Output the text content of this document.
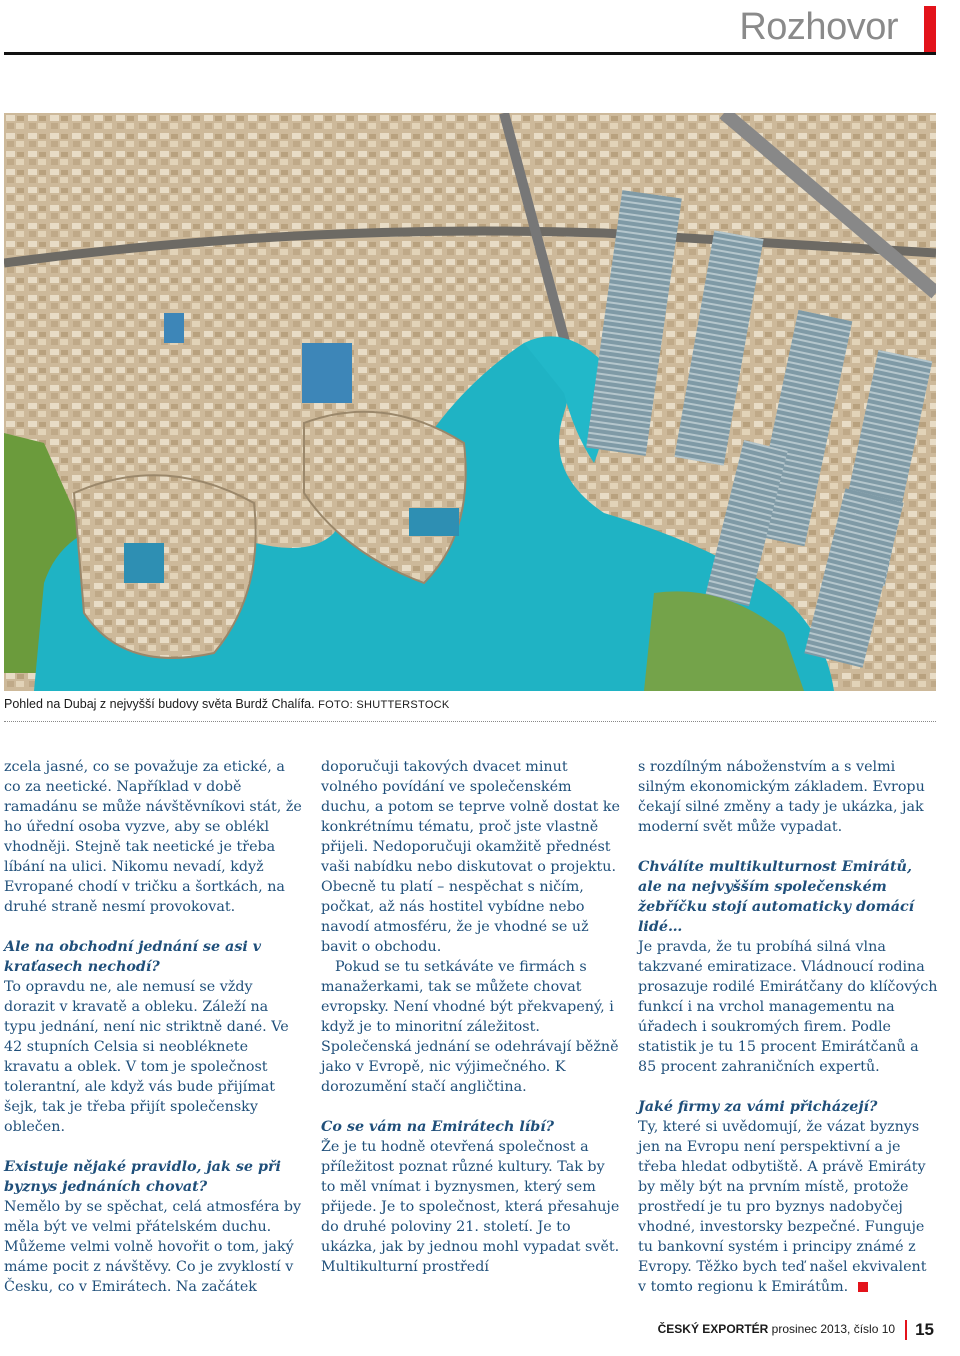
Rozhovor
Pohled na Dubaj z nejvyšší budovy světa Burdž Chalífa. FOTO: SHUTTERSTOCK

zcela jasné, co se považuje za etické, a co za neetické. Například v době ramadánu se může návštěvníkovi stát, že ho úřední osoba vyzve, aby se oblékl vhodněji. Stejně tak neetické je třeba líbání na ulici. Nikomu nevadí, když Evropané chodí v tričku a šortkách, na druhé straně nesmí provokovat.

Ale na obchodní jednání se asi v kraťasech nechodí?

To opravdu ne, ale nemusí se vždy dorazit v kravatě a obleku. Záleží na typu jednání, není nic striktně dané. Ve 42 stupních Celsia si neobléknete kravatu a oblek. V tom je společnost tolerantní, ale když vás bude přijímat šejk, tak je třeba přijít společensky oblečen.

Existuje nějaké pravidlo, jak se při byznys jednáních chovat?

Nemělo by se spěchat, celá atmosféra by měla být ve velmi přátelském duchu. Můžeme velmi volně hovořit o tom, jaký máme pocit z návštěvy. Co je zvyklostí v Česku, co v Emirátech. Na začátek

doporučuji takových dvacet minut volného povídání ve společenském duchu, a potom se teprve volně dostat ke konkrétnímu tématu, proč jste vlastně přijeli. Nedoporučuji okamžitě přednést vaši nabídku nebo diskutovat o projektu. Obecně tu platí – nespěchat s ničím, počkat, až nás hostitel vybídne nebo navodí atmosféru, že je vhodné se už bavit o obchodu.

Pokud se tu setkáváte ve firmách s manažerkami, tak se můžete chovat evropsky. Není vhodné být překvapený, i když je to minoritní záležitost. Společenská jednání se odehrávají běžně jako v Evropě, nic výjimečného. K dorozumění stačí angličtina.

Co se vám na Emirátech líbí?

Že je tu hodně otevřená společnost a příležitost poznat různé kultury. Tak by to měl vnímat i byznysmen, který sem přijede. Je to společnost, která přesahuje do druhé poloviny 21. století. Je to ukázka, jak by jednou mohl vypadat svět. Multikulturní prostředí

s rozdílným náboženstvím a s velmi silným ekonomickým základem. Evropu čekají silné změny a tady je ukázka, jak moderní svět může vypadat.

Chválíte multikulturnost Emirátů, ale na nejvyšším společenském žebříčku stojí automaticky domácí lidé…

Je pravda, že tu probíhá silná vlna takzvané emiratizace. Vládnoucí rodina prosazuje rodilé Emirátčany do klíčových funkcí i na vrchol managementu na úřadech i soukromých firem. Podle statistik je tu 15 procent Emirátčanů a 85 procent zahraničních expertů.

Jaké firmy za vámi přicházejí?

Ty, které si uvědomují, že vázat byznys jen na Evropu není perspektivní a je třeba hledat odbytiště. A právě Emiráty by měly být na prvním místě, protože prostředí je tu pro byznys nadobyčej vhodné, investorsky bezpečné. Funguje tu bankovní systém i principy známé z Evropy. Těžko bych teď našel ekvivalent v tomto regionu k Emirátům.

ČESKÝ EXPORTÉR prosinec 2013, číslo 10 15
